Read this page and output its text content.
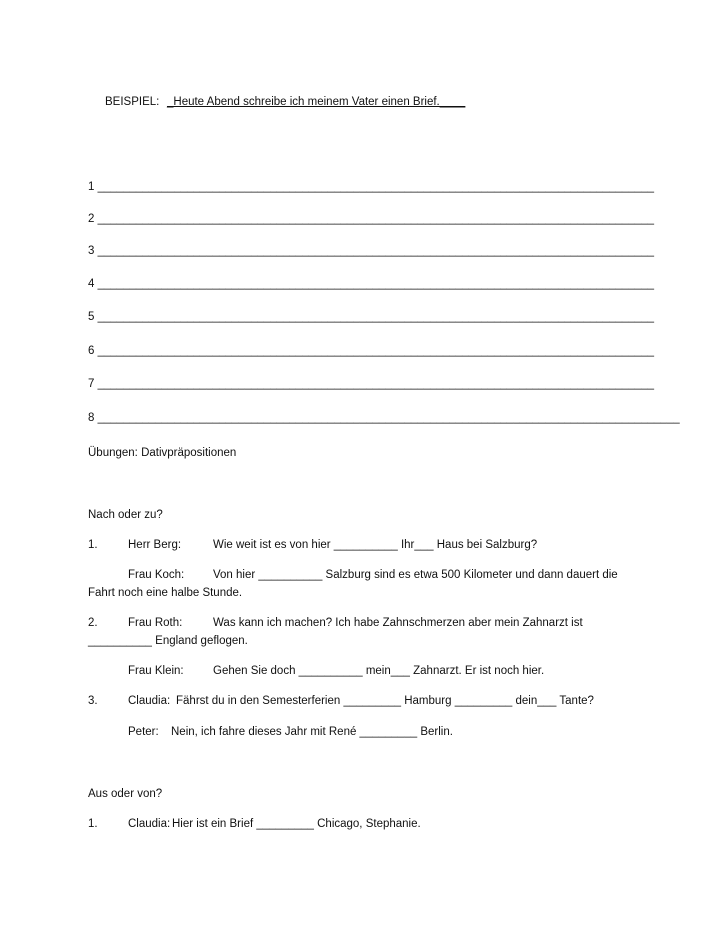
BEISPIEL: _Heute Abend schreibe ich meinem Vater einen Brief.____
1 _______________________________________________________________________________________
2 _______________________________________________________________________________________
3 _______________________________________________________________________________________
4 _______________________________________________________________________________________
5 _______________________________________________________________________________________
6 _______________________________________________________________________________________
7 _______________________________________________________________________________________
8 ___________________________________________________________________________________________
Übungen: Dativpräpositionen
Nach oder zu?
1.	Herr Berg:	Wie weit ist es von hier __________ Ihr___ Haus bei Salzburg?
Frau Koch:	Von hier __________ Salzburg sind es etwa 500 Kilometer und dann dauert die
Fahrt noch eine halbe Stunde.
2.	Frau Roth:	Was kann ich machen? Ich habe Zahnschmerzen aber mein Zahnarzt ist
__________ England geflogen.
Frau Klein:	Gehen Sie doch __________ mein___ Zahnarzt. Er ist noch hier.
3.	Claudia: Fährst du in den Semesterferien _________ Hamburg _________ dein___ Tante?
Peter: Nein, ich fahre dieses Jahr mit René _________ Berlin.
Aus oder von?
1.	Claudia: Hier ist ein Brief _________ Chicago, Stephanie.
